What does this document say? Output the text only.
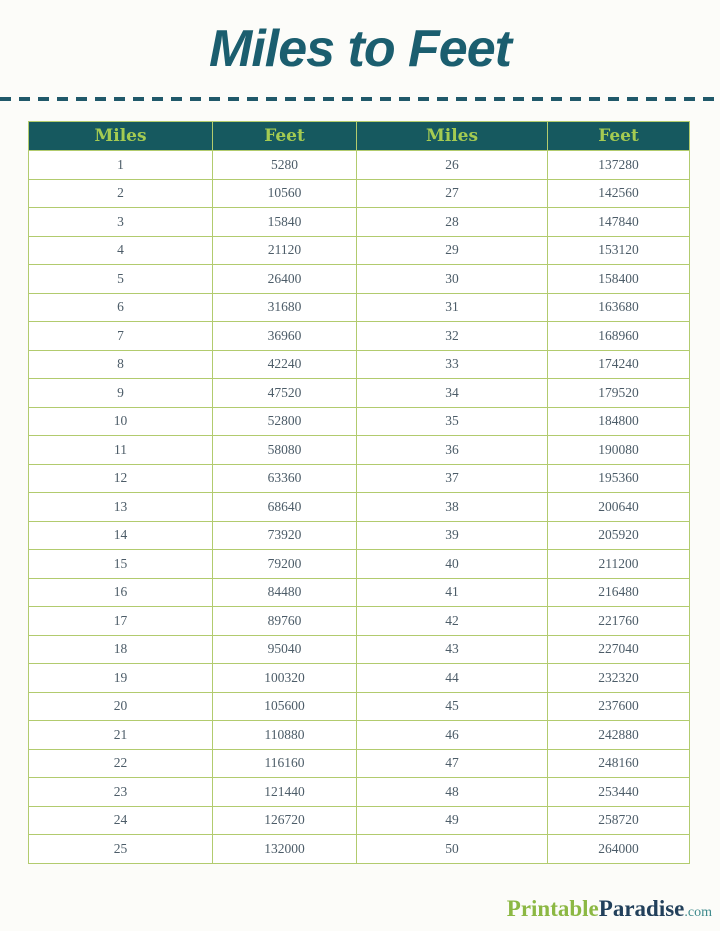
Miles to Feet
Miles	Feet	Miles	Feet
1	5280	26	137280
2	10560	27	142560
3	15840	28	147840
4	21120	29	153120
5	26400	30	158400
6	31680	31	163680
7	36960	32	168960
8	42240	33	174240
9	47520	34	179520
10	52800	35	184800
11	58080	36	190080
12	63360	37	195360
13	68640	38	200640
14	73920	39	205920
15	79200	40	211200
16	84480	41	216480
17	89760	42	221760
18	95040	43	227040
19	100320	44	232320
20	105600	45	237600
21	110880	46	242880
22	116160	47	248160
23	121440	48	253440
24	126720	49	258720
25	132000	50	264000
PrintableParadise.com
